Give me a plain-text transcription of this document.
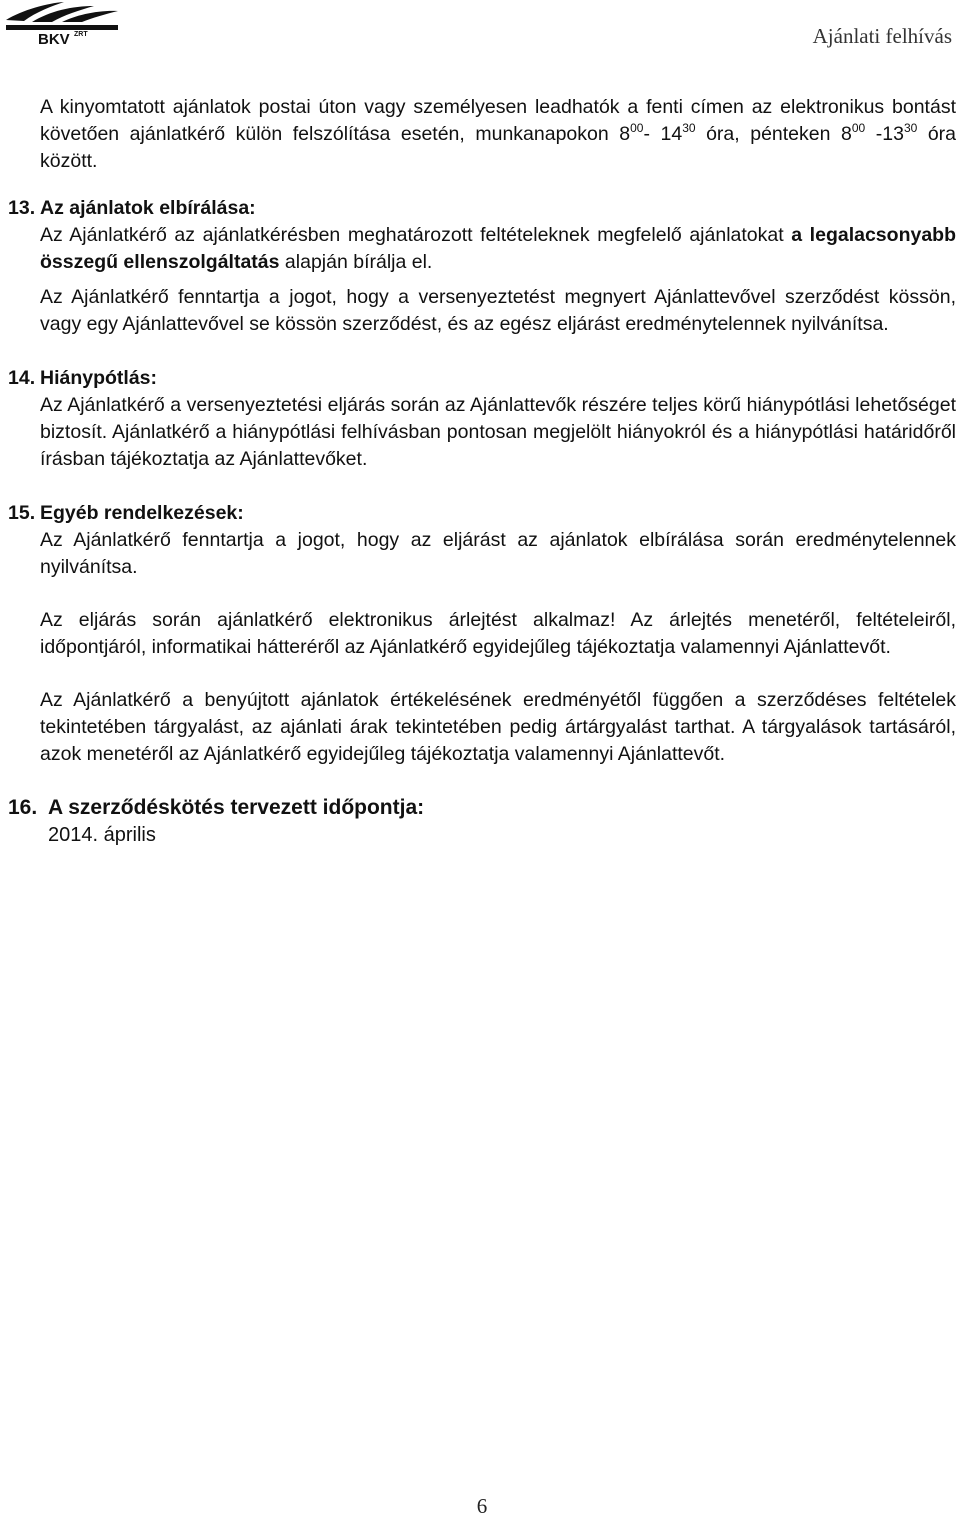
BKV ZRT	Ajánlati felhívás

A kinyomtatott ajánlatok postai úton vagy személyesen leadhatók a fenti címen az elektronikus bontást követően ajánlatkérő külön felszólítása esetén, munkanapokon $8^{00}-$ $14^{30}$ óra, pénteken $8^{00}$ $-13^{30}$ óra között.

13. Az ajánlatok elbírálása:

Az Ajánlatkérő az ajánlatkérésben meghatározott feltételeknek megfelelő ajánlatokat a legalacsonyabb összegű ellenszolgáltatás alapján bírálja el.

Az Ajánlatkérő fenntartja a jogot, hogy a versenyeztetést megnyert Ajánlattevővel szerződést kössön, vagy egy Ajánlattevővel se kössön szerződést, és az egész eljárást eredménytelennek nyilvánítsa.

14. Hiánypótlás:

Az Ajánlatkérő a versenyeztetési eljárás során az Ajánlattevők részére teljes körű hiánypótlási lehetőséget biztosít. Ajánlatkérő a hiánypótlási felhívásban pontosan megjelölt hiányokról és a hiánypótlási határidőről írásban tájékoztatja az Ajánlattevőket.

15. Egyéb rendelkezések:

Az Ajánlatkérő fenntartja a jogot, hogy az eljárást az ajánlatok elbírálása során eredménytelennek nyilvánítsa.

Az eljárás során ajánlatkérő elektronikus árlejtést alkalmaz! Az árlejtés menetéről, feltételeiről, időpontjáról, informatikai hátteréről az Ajánlatkérő egyidejűleg tájékoztatja valamennyi Ajánlattevőt.

Az Ajánlatkérő a benyújtott ajánlatok értékelésének eredményétől függően a szerződéses feltételek tekintetében tárgyalást, az ajánlati árak tekintetében pedig ártárgyalást tarthat. A tárgyalások tartásáról, azok menetéről az Ajánlatkérő egyidejűleg tájékoztatja valamennyi Ajánlattevőt.

16. A szerződéskötés tervezett időpontja:
2014. április
6
